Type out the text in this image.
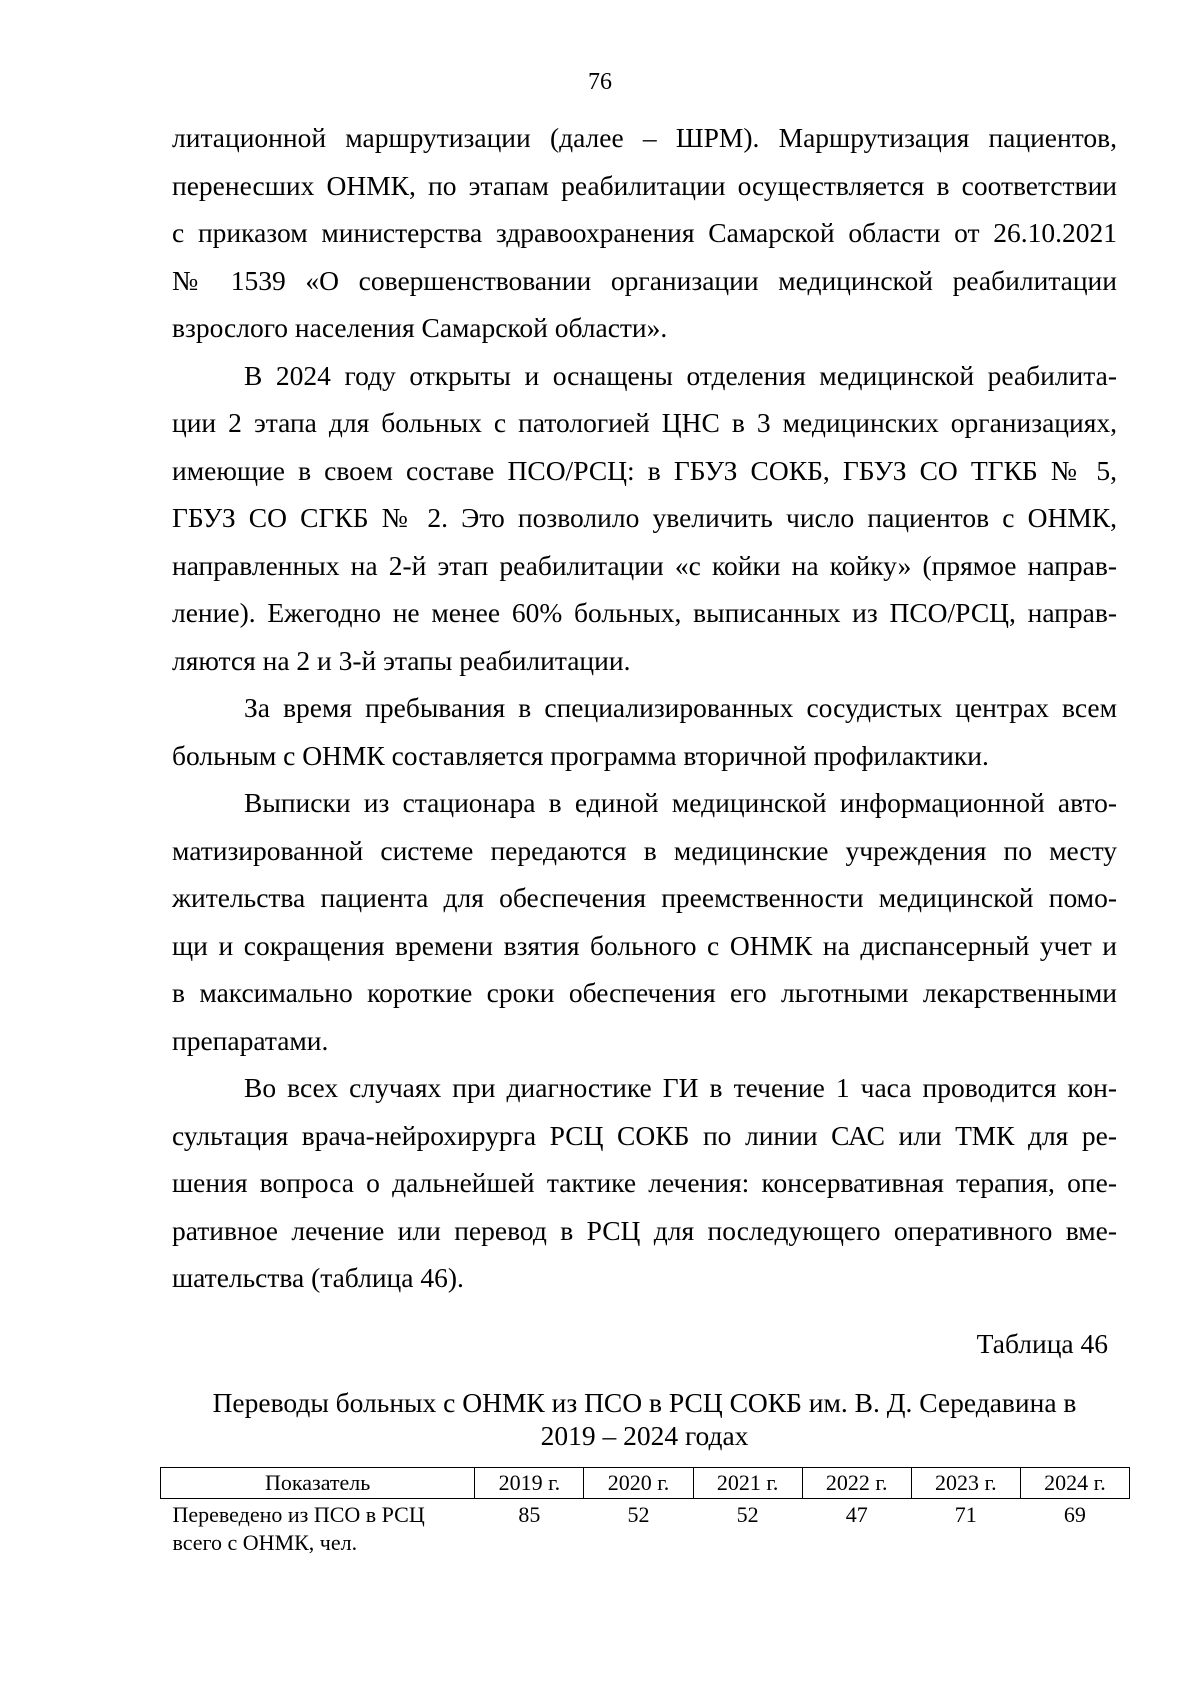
76

литационной маршрутизации (далее – ШРМ). Маршрутизация пациентов,
перенесших ОНМК, по этапам реабилитации осуществляется в соответствии
с приказом министерства здравоохранения Самарской области от 26.10.2021
№ 1539 «О совершенствовании организации медицинской реабилитации
взрослого населения Самарской области».

В 2024 году открыты и оснащены отделения медицинской реабилита-
ции 2 этапа для больных с патологией ЦНС в 3 медицинских организациях,
имеющие в своем составе ПСО/РСЦ: в ГБУЗ СОКБ, ГБУЗ СО ТГКБ № 5,
ГБУЗ СО СГКБ № 2. Это позволило увеличить число пациентов с ОНМК,
направленных на 2-й этап реабилитации «с койки на койку» (прямое направ-
ление). Ежегодно не менее 60% больных, выписанных из ПСО/РСЦ, направ-
ляются на 2 и 3-й этапы реабилитации.

За время пребывания в специализированных сосудистых центрах всем
больным с ОНМК составляется программа вторичной профилактики.

Выписки из стационара в единой медицинской информационной авто-
матизированной системе передаются в медицинские учреждения по месту
жительства пациента для обеспечения преемственности медицинской помо-
щи и сокращения времени взятия больного с ОНМК на диспансерный учет и
в максимально короткие сроки обеспечения его льготными лекарственными
препаратами.

Во всех случаях при диагностике ГИ в течение 1 часа проводится кон-
сультация врача-нейрохирурга РСЦ СОКБ по линии САС или ТМК для ре-
шения вопроса о дальнейшей тактике лечения: консервативная терапия, опе-
ративное лечение или перевод в РСЦ для последующего оперативного вме-
шательства (таблица 46).

Таблица 46
Переводы больных с ОНМК из ПСО в РСЦ СОКБ им. В. Д. Середавина в
2019 – 2024 годах
Показатель	2019 г.	2020 г.	2021 г.	2022 г.	2023 г.	2024 г.

Переведено из ПСО в РСЦ
всего с ОНМК, чел.	85	52	52	47	71	69
